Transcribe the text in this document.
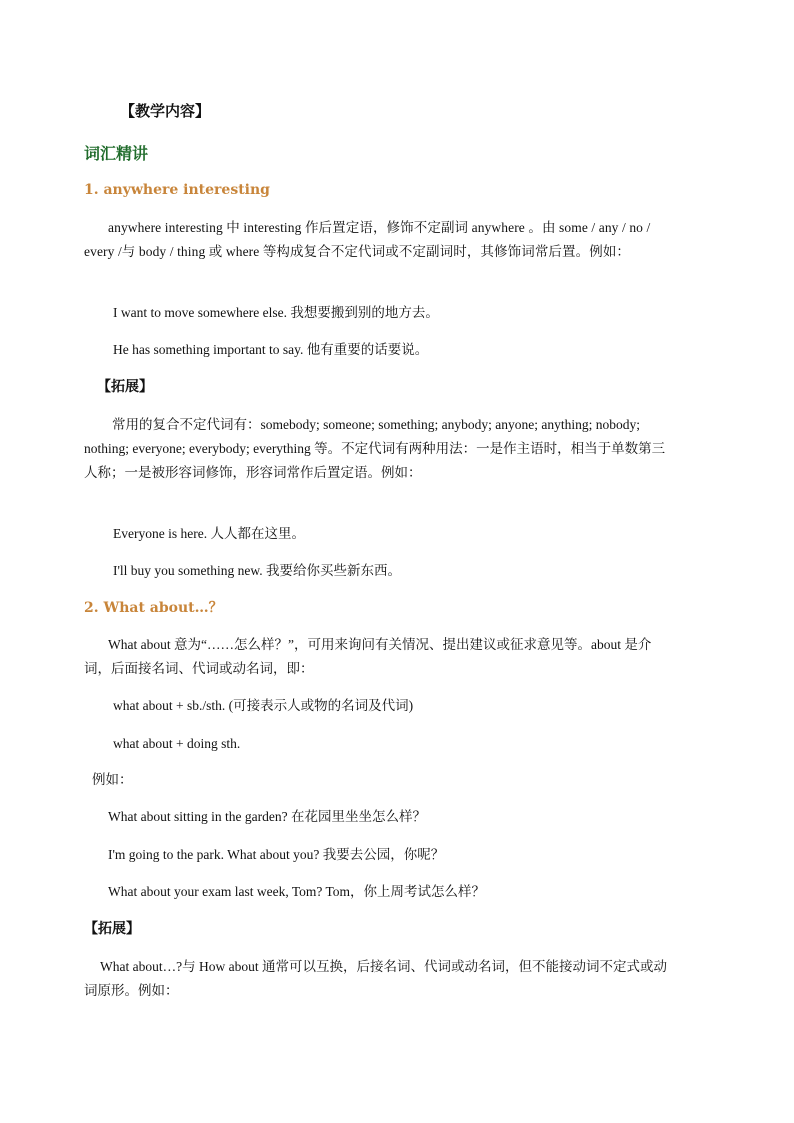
【教学内容】
词汇精讲
1. anywhere interesting
anywhere interesting 中 interesting 作后置定语，修饰不定副词 anywhere 。由 some / any / no / every /与 body / thing 或 where 等构成复合不定代词或不定副词时，其修饰词常后置。例如：
I want to move somewhere else. 我想要搬到别的地方去。
He has something important to say. 他有重要的话要说。
【拓展】
常用的复合不定代词有：somebody; someone; something; anybody; anyone; anything; nobody; nothing; everyone; everybody; everything 等。不定代词有两种用法：一是作主语时，相当于单数第三人称；一是被形容词修饰，形容词常作后置定语。例如：
Everyone is here. 人人都在这里。
I'll buy you something new. 我要给你买些新东西。
2. What about…？
What about 意为“……怎么样？”，可用来询问有关情况、提出建议或征求意见等。about 是介词，后面接名词、代词或动名词，即：
what about + sb./sth. (可接表示人或物的名词及代词)
what about + doing sth.
例如：
What about sitting in the garden? 在花园里坐坐怎么样？
I'm going to the park. What about you? 我要去公园，你呢？
What about your exam last week, Tom? Tom，你上周考试怎么样？
【拓展】
What about…?与 How about 通常可以互换，后接名词、代词或动名词，但不能接动词不定式或动词原形。例如：
